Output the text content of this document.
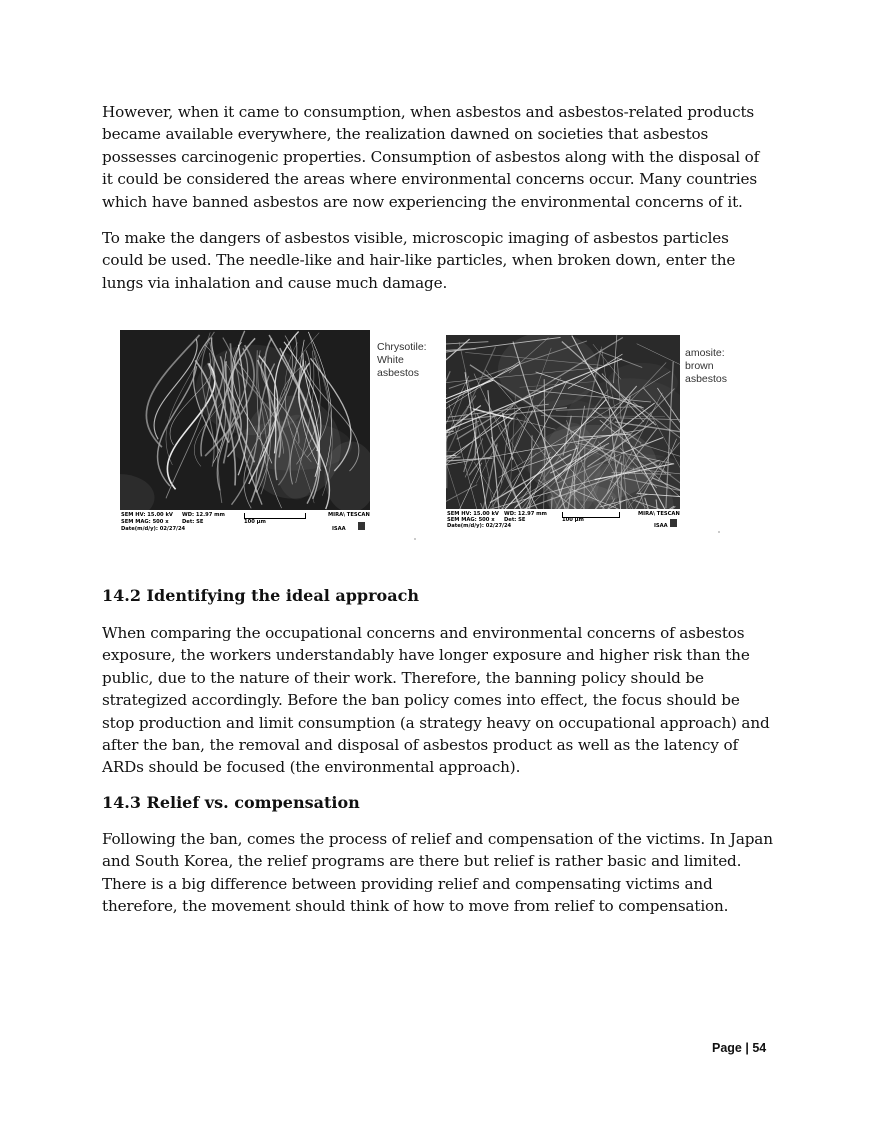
However, when it came to consumption, when asbestos and asbestos-related products became available everywhere, the realization dawned on societies that asbestos possesses carcinogenic properties. Consumption of asbestos along with the disposal of it could be considered the areas where environmental concerns occur. Many countries which have banned asbestos are now experiencing the environmental concerns of it.

To make the dangers of asbestos visible, microscopic imaging of asbestos particles could be used. The needle-like and hair-like particles, when broken down, enter the lungs via inhalation and cause much damage.

SEM HV: 15.00 kV WD: 12.97 mm
SEM MAG: 500 x	Det: SE
Date(m/d/y): 02/27/24
100 μm
MIRA\ TESCAN
ISAA
Chrysotile:
White
asbestos
SEM HV: 15.00 kV WD: 12.97 mm
SEM MAG: 500 x Det: SE
Date(m/d/y): 02/27/24
100 μm
MIRA\ TESCAN
ISAA
amosite:
brown
asbestos
14.2 Identifying the ideal approach

When comparing the occupational concerns and environmental concerns of asbestos exposure, the workers understandably have longer exposure and higher risk than the public, due to the nature of their work. Therefore, the banning policy should be strategized accordingly. Before the ban policy comes into effect, the focus should be stop production and limit consumption (a strategy heavy on occupational approach) and after the ban, the removal and disposal of asbestos product as well as the latency of ARDs should be focused (the environmental approach).

14.3 Relief vs. compensation

Following the ban, comes the process of relief and compensation of the victims. In Japan and South Korea, the relief programs are there but relief is rather basic and limited. There is a big difference between providing relief and compensating victims and therefore, the movement should think of how to move from relief to compensation.

Page | 54
